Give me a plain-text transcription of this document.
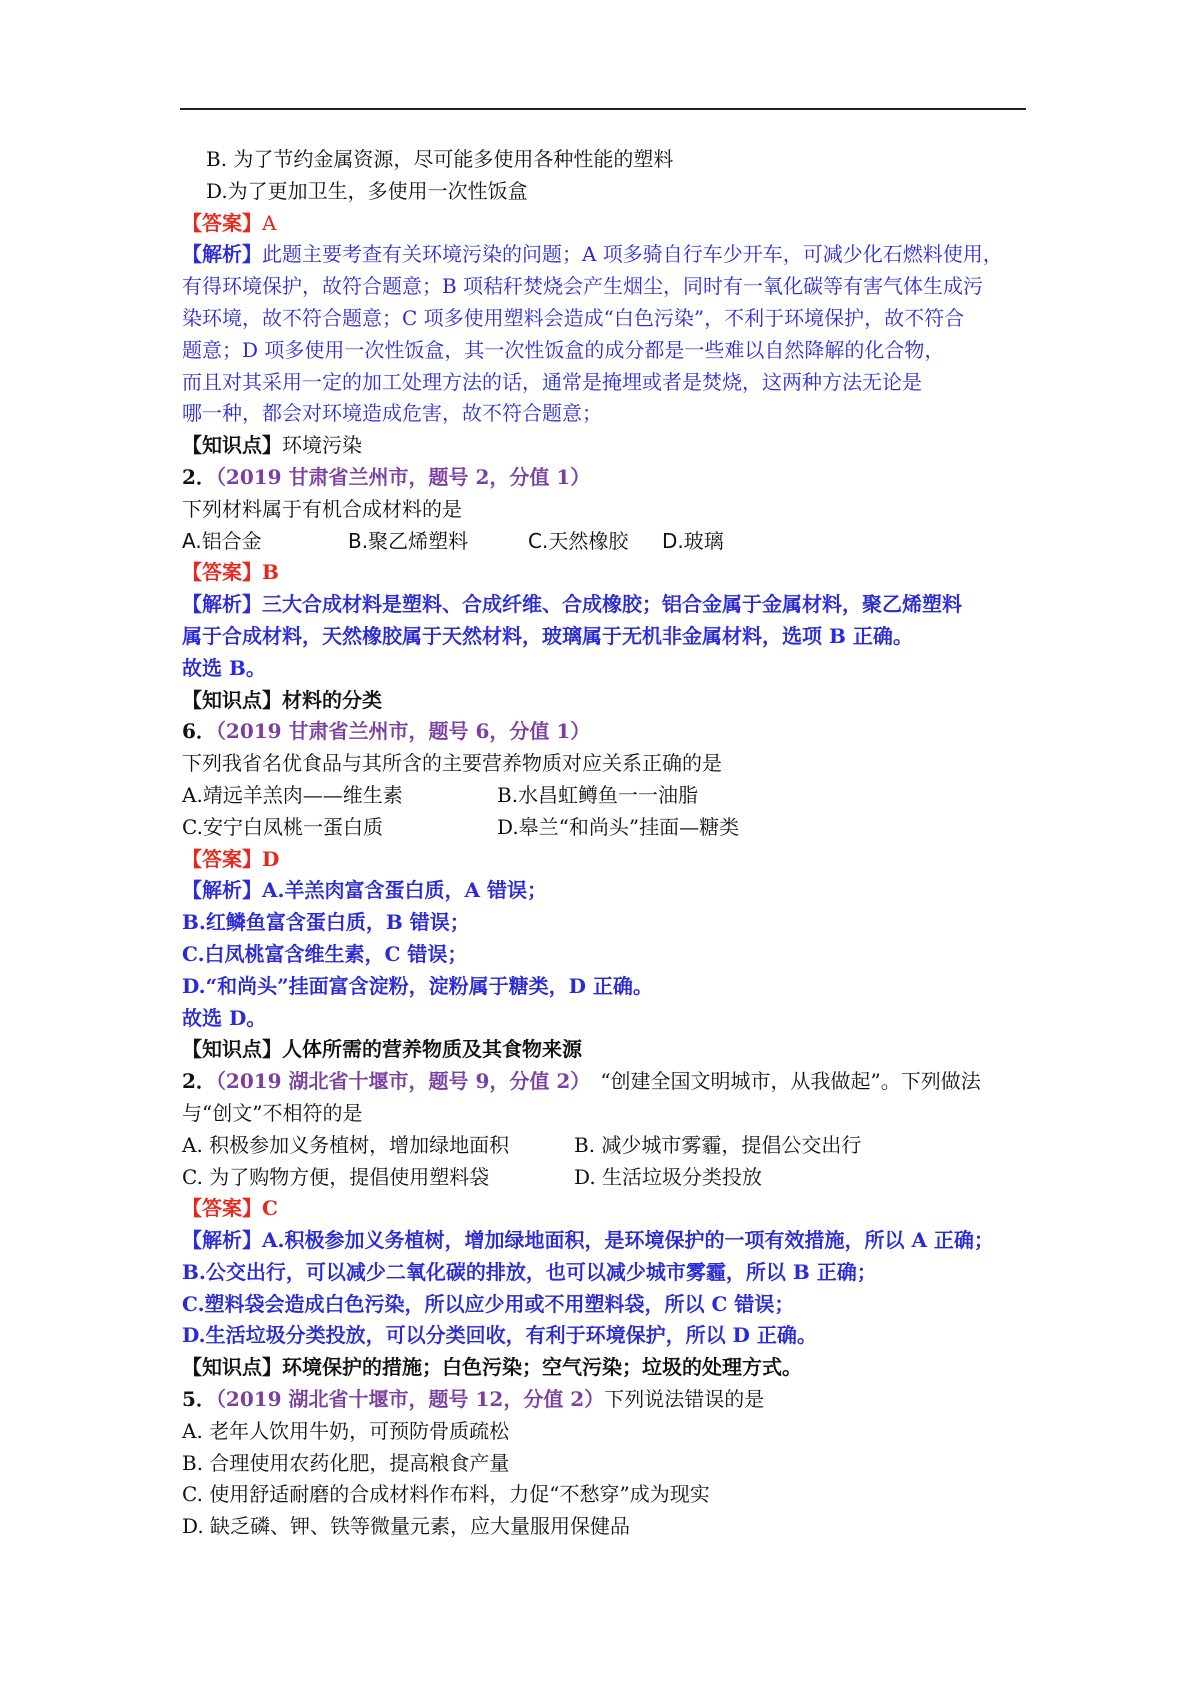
B. 为了节约金属资源，尽可能多使用各种性能的塑料
D.为了更加卫生，多使用一次性饭盒
【答案】A
【解析】此题主要考查有关环境污染的问题；A 项多骑自行车少开车，可减少化石燃料使用，
有得环境保护，故符合题意；B 项秸秆焚烧会产生烟尘，同时有一氧化碳等有害气体生成污
染环境，故不符合题意；C 项多使用塑料会造成“白色污染”，不利于环境保护，故不符合
题意；D 项多使用一次性饭盒，其一次性饭盒的成分都是一些难以自然降解的化合物，
而且对其采用一定的加工处理方法的话，通常是掩埋或者是焚烧，这两种方法无论是
哪一种，都会对环境造成危害，故不符合题意；
【知识点】环境污染
2．（2019 甘肃省兰州市，题号 2，分值 1）
下列材料属于有机合成材料的是
A.铝合金	B.聚乙烯塑料	C.天然橡胶	D.玻璃
【答案】B
【解析】三大合成材料是塑料、合成纤维、合成橡胶；铝合金属于金属材料，聚乙烯塑料
属于合成材料，天然橡胶属于天然材料，玻璃属于无机非金属材料，选项 B 正确。
故选 B。
【知识点】材料的分类
6．（2019 甘肃省兰州市，题号 6，分值 1）
下列我省名优食品与其所含的主要营养物质对应关系正确的是
A.靖远羊羔肉——维生素	B.水昌虹鳟鱼一一油脂
C.安宁白凤桃一蛋白质	D.皋兰“和尚头”挂面—糖类
【答案】D
【解析】A.羊羔肉富含蛋白质，A 错误；
B.红鳞鱼富含蛋白质，B 错误；
C.白凤桃富含维生素，C 错误；
D.“和尚头”挂面富含淀粉，淀粉属于糖类，D 正确。
故选 D。
【知识点】人体所需的营养物质及其食物来源
2．（2019 湖北省十堰市，题号 9，分值 2） “创建全国文明城市，从我做起”。下列做法
与“创文”不相符的是
A. 积极参加义务植树，增加绿地面积	B. 减少城市雾霾，提倡公交出行
C. 为了购物方便，提倡使用塑料袋	D. 生活垃圾分类投放
【答案】C
【解析】A.积极参加义务植树，增加绿地面积，是环境保护的一项有效措施，所以 A 正确；
B.公交出行，可以减少二氧化碳的排放，也可以减少城市雾霾，所以 B 正确；
C.塑料袋会造成白色污染，所以应少用或不用塑料袋，所以 C 错误；
D.生活垃圾分类投放，可以分类回收，有利于环境保护，所以 D 正确。
【知识点】环境保护的措施；白色污染；空气污染；垃圾的处理方式。
5．（2019 湖北省十堰市，题号 12，分值 2）下列说法错误的是
A. 老年人饮用牛奶，可预防骨质疏松
B. 合理使用农药化肥，提高粮食产量
C. 使用舒适耐磨的合成材料作布料，力促“不愁穿”成为现实
D. 缺乏磷、钾、铁等微量元素，应大量服用保健品
